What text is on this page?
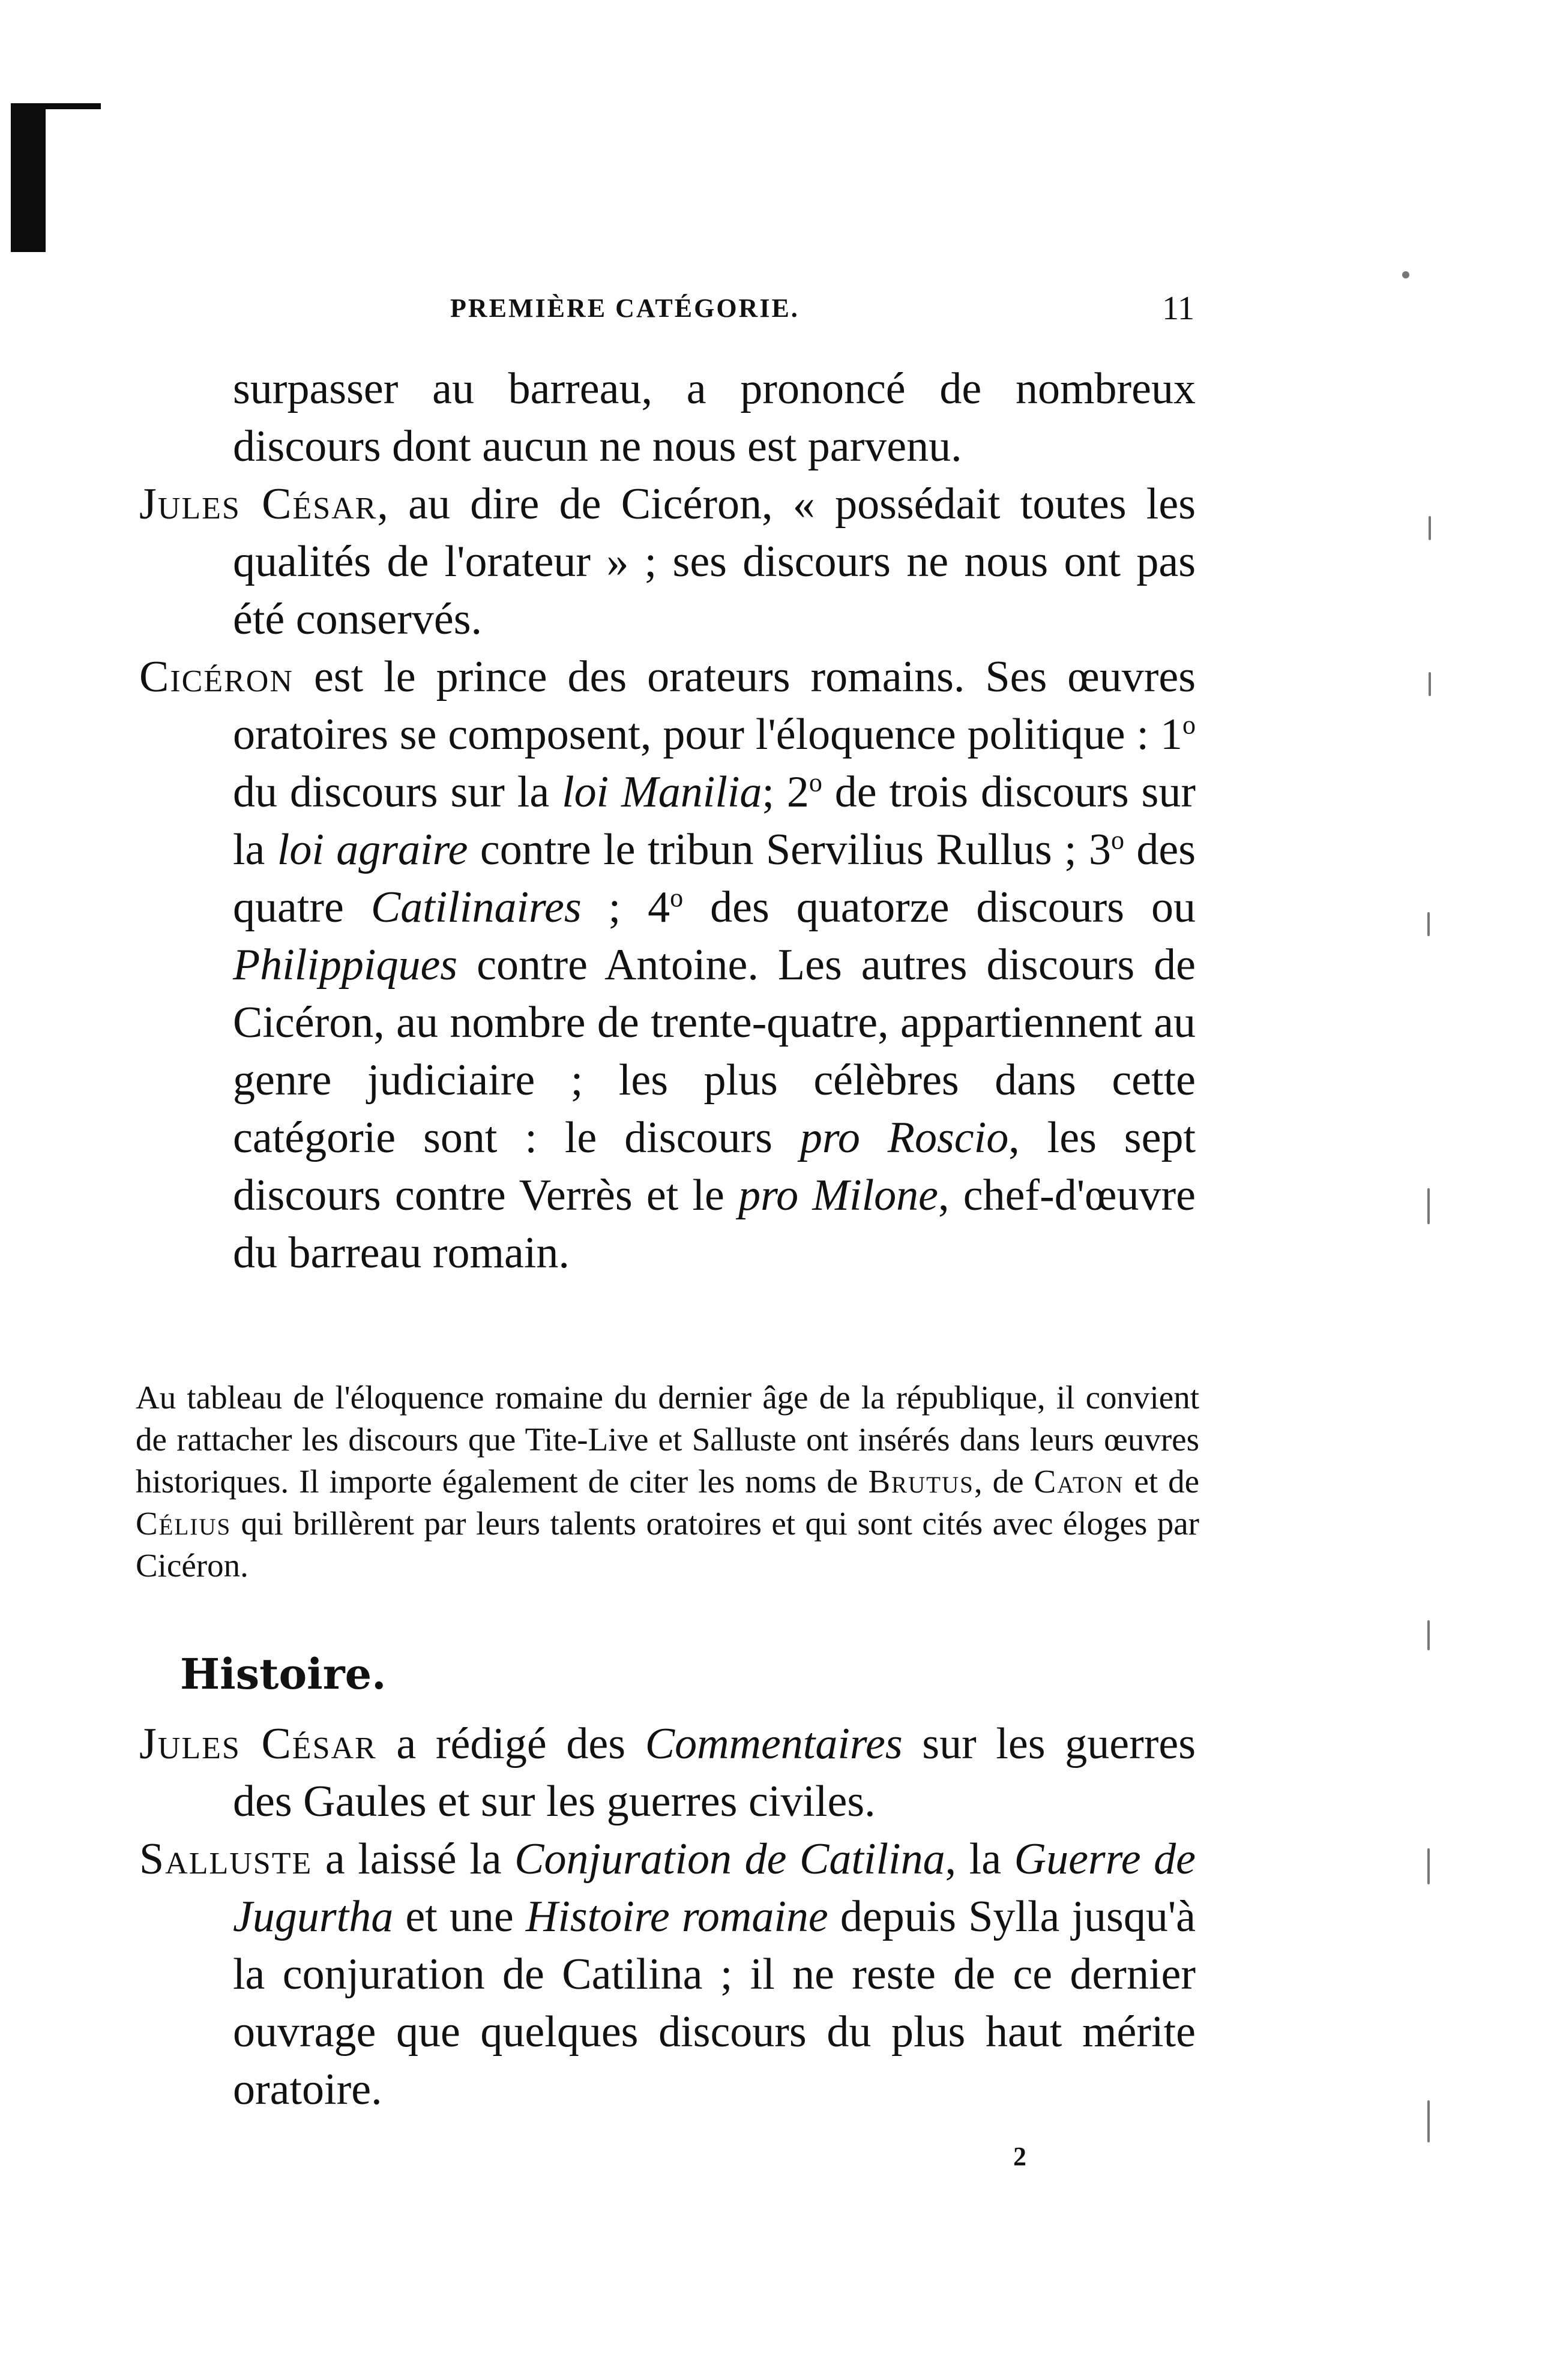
PREMIÈRE CATÉGORIE.	11

surpasser au barreau, a prononcé de nombreux discours dont aucun ne nous est parvenu.

Jules César, au dire de Cicéron, « possédait toutes les qualités de l'orateur » ; ses discours ne nous ont pas été conservés.

Cicéron est le prince des orateurs romains. Ses œuvres oratoires se composent, pour l'éloquence politique : 1$^o$ du discours sur la loi Manilia; 2$^o$ de trois discours sur la loi agraire contre le tribun Servilius Rullus ; 3$^o$ des quatre Catilinaires ; 4$^o$ des quatorze discours ou Philippiques contre Antoine. Les autres discours de Cicéron, au nombre de trente-quatre, appartiennent au genre judiciaire ; les plus célèbres dans cette catégorie sont : le discours pro Roscio, les sept discours contre Verrès et le pro Milone, chef-d'œuvre du barreau romain.

Au tableau de l'éloquence romaine du dernier âge de la république, il convient de rattacher les discours que Tite-Live et Salluste ont insérés dans leurs œuvres historiques. Il importe également de citer les noms de Brutus, de Caton et de Célius qui brillèrent par leurs talents oratoires et qui sont cités avec éloges par Cicéron.

Histoire.

Jules César a rédigé des Commentaires sur les guerres des Gaules et sur les guerres civiles.

Salluste a laissé la Conjuration de Catilina, la Guerre de Jugurtha et une Histoire romaine depuis Sylla jusqu'à la conjuration de Catilina ; il ne reste de ce dernier ouvrage que quelques discours du plus haut mérite oratoire.

2
